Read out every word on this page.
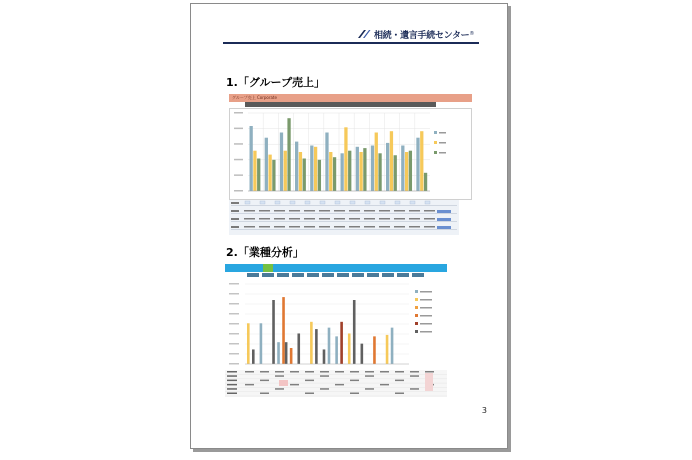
相続・遺言手続センター ®
1.「グループ売上」
グループ売上 Corporate
2.「業種分析」
3
